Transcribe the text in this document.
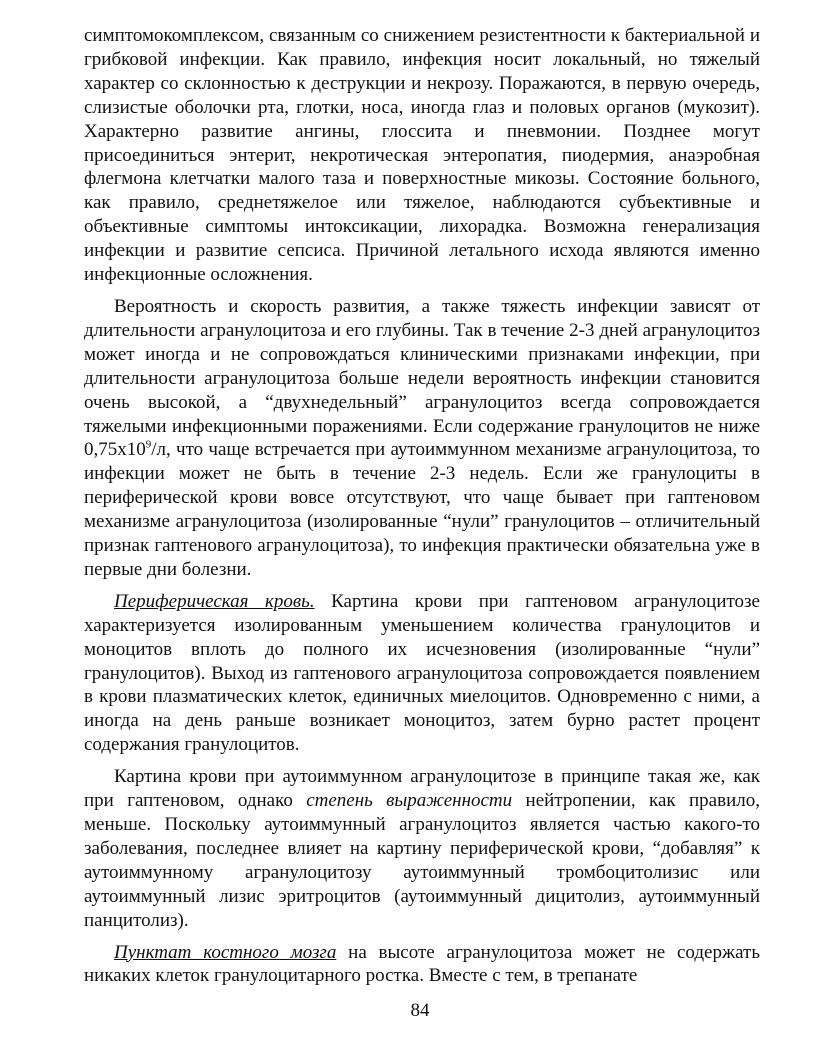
симптомокомплексом, связанным со снижением резистентности к бактериальной и грибковой инфекции. Как правило, инфекция носит локальный, но тяжелый характер со склонностью к деструкции и некрозу. Поражаются, в первую очередь, слизистые оболочки рта, глотки, носа, иногда глаз и половых органов (мукозит). Характерно развитие ангины, глоссита и пневмонии. Позднее могут присоединиться энтерит, некротическая энтеропатия, пиодермия, анаэробная флегмона клетчатки малого таза и поверхностные микозы. Состояние больного, как правило, среднетяжелое или тяжелое, наблюдаются субъективные и объективные симптомы интоксикации, лихорадка. Возможна генерализация инфекции и развитие сепсиса. Причиной летального исхода являются именно инфекционные осложнения.

Вероятность и скорость развития, а также тяжесть инфекции зависят от длительности агранулоцитоза и его глубины. Так в течение 2-3 дней агранулоцитоз может иногда и не сопровождаться клиническими признаками инфекции, при длительности агранулоцитоза больше недели вероятность инфекции становится очень высокой, а “двухнедельный” агранулоцитоз всегда сопровождается тяжелыми инфекционными поражениями. Если содержание гранулоцитов не ниже $0,75х10^9/л$, что чаще встречается при аутоиммунном механизме агранулоцитоза, то инфекции может не быть в течение 2-3 недель. Если же гранулоциты в периферической крови вовсе отсутствуют, что чаще бывает при гаптеновом механизме агранулоцитоза (изолированные “нули” гранулоцитов – отличительный признак гаптенового агранулоцитоза), то инфекция практически обязательна уже в первые дни болезни.

Периферическая кровь. Картина крови при гаптеновом агранулоцитозе характеризуется изолированным уменьшением количества гранулоцитов и моноцитов вплоть до полного их исчезновения (изолированные “нули” гранулоцитов). Выход из гаптенового агранулоцитоза сопровождается появлением в крови плазматических клеток, единичных миелоцитов. Одновременно с ними, а иногда на день раньше возникает моноцитоз, затем бурно растет процент содержания гранулоцитов.

Картина крови при аутоиммунном агранулоцитозе в принципе такая же, как при гаптеновом, однако степень выраженности нейтропении, как правило, меньше. Поскольку аутоиммунный агранулоцитоз является частью какого-то заболевания, последнее влияет на картину периферической крови, “добавляя” к аутоиммунному агранулоцитозу аутоиммунный тромбоцитолизис или аутоиммунный лизис эритроцитов (аутоиммунный дицитолиз, аутоиммунный панцитолиз).

Пунктат костного мозга на высоте агранулоцитоза может не содержать никаких клеток гранулоцитарного ростка. Вместе с тем, в трепанате

84
